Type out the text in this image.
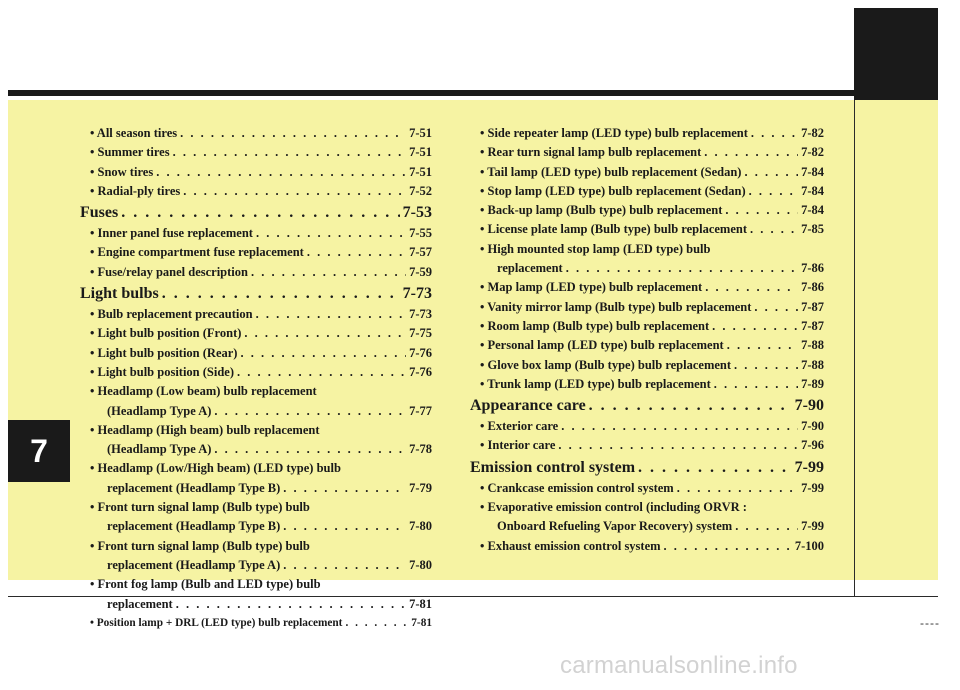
7
• All season tires . . .	7-51
• Summer tires . . .	7-51
• Snow tires . . .	7-51
• Radial-ply tires . . .	7-52
Fuses . . .	7-53
• Inner panel fuse replacement . . .	7-55
• Engine compartment fuse replacement . . .	7-57
• Fuse/relay panel description . . .	7-59
Light bulbs . . .	7-73
• Bulb replacement precaution . . .	7-73
• Light bulb position (Front) . . .	7-75
• Light bulb position (Rear) . . .	7-76
• Light bulb position (Side) . . .	7-76
• Headlamp (Low beam) bulb replacement
(Headlamp Type A) . . .	7-77
• Headlamp (High beam) bulb replacement
(Headlamp Type A) . . .	7-78
• Headlamp (Low/High beam) (LED type) bulb
replacement (Headlamp Type B) . . .	7-79
• Front turn signal lamp (Bulb type) bulb
replacement (Headlamp Type B) . . .	7-80
• Front turn signal lamp (Bulb type) bulb
replacement (Headlamp Type A) . . .	7-80
• Front fog lamp (Bulb and LED type) bulb
replacement . . .	7-81
• Position lamp + DRL (LED type) bulb replacement . . .	7-81
• Side repeater lamp (LED type) bulb replacement . . .	7-82
• Rear turn signal lamp bulb replacement . . .	7-82
• Tail lamp (LED type) bulb replacement (Sedan) . . .	7-84
• Stop lamp (LED type) bulb replacement (Sedan) . . .	7-84
• Back-up lamp (Bulb type) bulb replacement . . .	7-84
• License plate lamp (Bulb type) bulb replacement . . .	7-85
• High mounted stop lamp (LED type) bulb
replacement . . .	7-86
• Map lamp (LED type) bulb replacement . . .	7-86
• Vanity mirror lamp (Bulb type) bulb replacement . . .	7-87
• Room lamp (Bulb type) bulb replacement . . .	7-87
• Personal lamp (LED type) bulb replacement . . .	7-88
• Glove box lamp (Bulb type) bulb replacement . . .	7-88
• Trunk lamp (LED type) bulb replacement . . .	7-89
Appearance care . . .	7-90
• Exterior care . . .	7-90
• Interior care . . .	7-96
Emission control system . . .	7-99
• Crankcase emission control system . . .	7-99
• Evaporative emission control (including ORVR :
Onboard Refueling Vapor Recovery) system . . .	7-99
• Exhaust emission control system . . .	7-100
----
carmanualsonline.info
